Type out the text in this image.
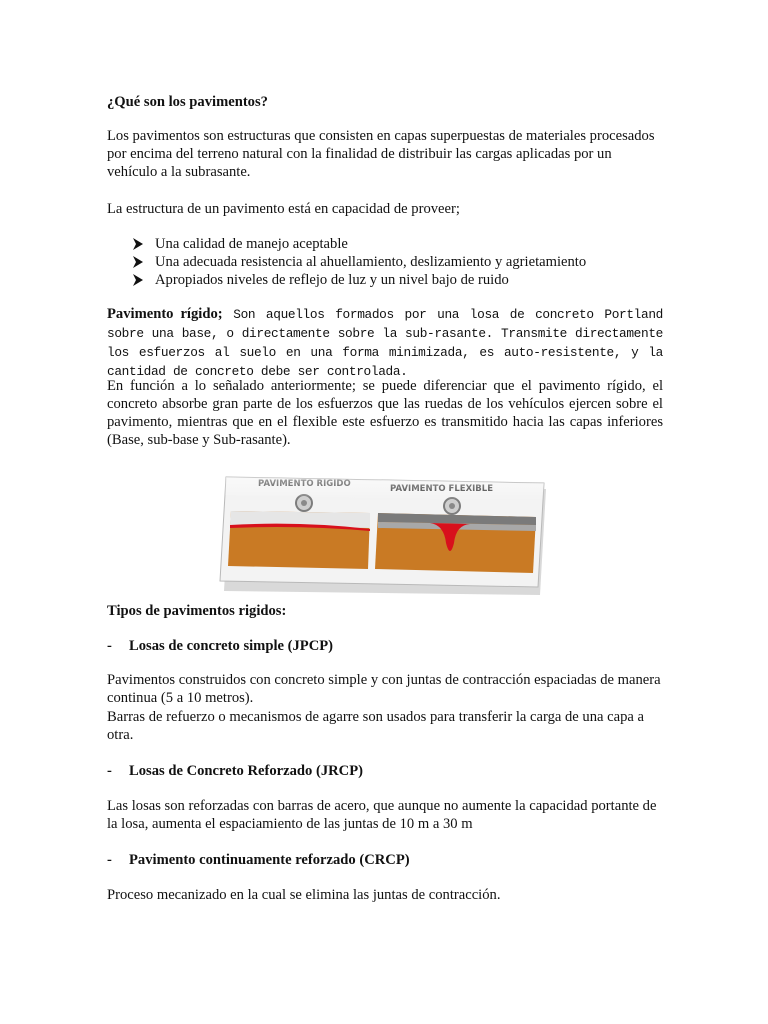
¿Qué son los pavimentos?

Los pavimentos son estructuras que consisten en capas superpuestas de materiales procesados por encima del terreno natural con la finalidad de distribuir las cargas aplicadas por un vehículo a la subrasante.

La estructura de un pavimento está en capacidad de proveer;

Una calidad de manejo aceptable
Una adecuada resistencia al ahuellamiento, deslizamiento y agrietamiento
Apropiados niveles de reflejo de luz y un nivel bajo de ruido

Pavimento rígido; Son aquellos formados por una losa de concreto Portland sobre una base, o directamente sobre la sub-rasante. Transmite directamente los esfuerzos al suelo en una forma minimizada, es auto-resistente, y la cantidad de concreto debe ser controlada.

En función a lo señalado anteriormente; se puede diferenciar que el pavimento rígido, el concreto absorbe gran parte de los esfuerzos que las ruedas de los vehículos ejercen sobre el pavimento, mientras que en el flexible este esfuerzo es transmitido hacia las capas inferiores (Base, sub-base y Sub-rasante).

Tipos de pavimentos rigidos:

- Losas de concreto simple (JPCP)

Pavimentos construidos con concreto simple y con juntas de contracción espaciadas de manera continua (5 a 10 metros).

Barras de refuerzo o mecanismos de agarre son usados para transferir la carga de una capa a otra.

- Losas de Concreto Reforzado (JRCP)

Las losas son reforzadas con barras de acero, que aunque no aumente la capacidad portante de la losa, aumenta el espaciamiento de las juntas de 10 m a 30 m

- Pavimento continuamente reforzado (CRCP)

Proceso mecanizado en la cual se elimina las juntas de contracción.
